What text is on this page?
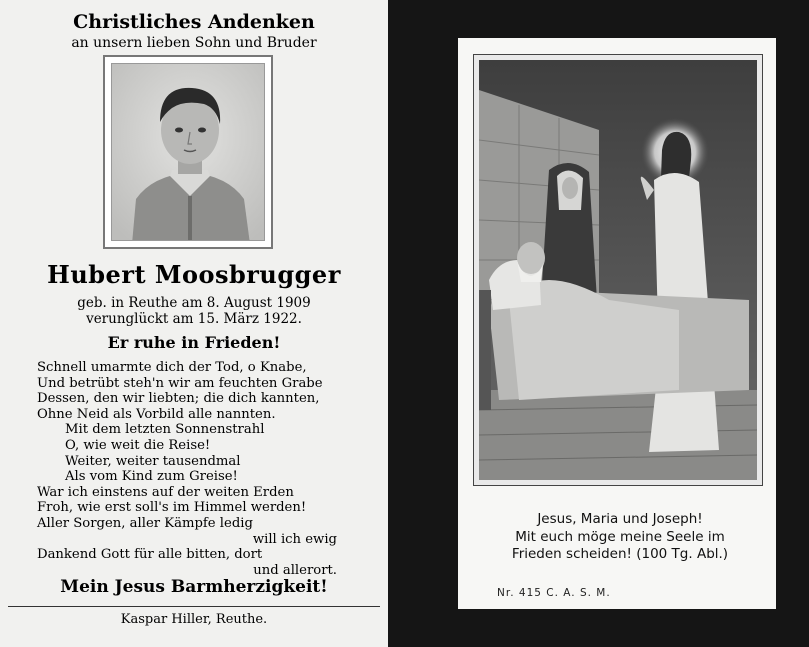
Christliches Andenken
an unsern lieben Sohn und Bruder
Hubert Moosbrugger
geb. in Reuthe am 8. August 1909
verunglückt am 15. März 1922.
Er ruhe in Frieden!
Schnell umarmte dich der Tod, o Knabe,
Und betrübt steh'n wir am feuchten Grabe
Dessen, den wir liebten; die dich kannten,
Ohne Neid als Vorbild alle nannten.
Mit dem letzten Sonnenstrahl
O, wie weit die Reise!
Weiter, weiter tausendmal
Als vom Kind zum Greise!
War ich einstens auf der weiten Erden
Froh, wie erst soll's im Himmel werden!
Aller Sorgen, aller Kämpfe ledig
will ich ewig
Dankend Gott für alle bitten, dort
und allerort.
Mein Jesus Barmherzigkeit!
Kaspar Hiller, Reuthe.
Jesus, Maria und Joseph!
Mit euch möge meine Seele im
Frieden scheiden! (100 Tg. Abl.)
Nr. 415 C. A. S. M.
